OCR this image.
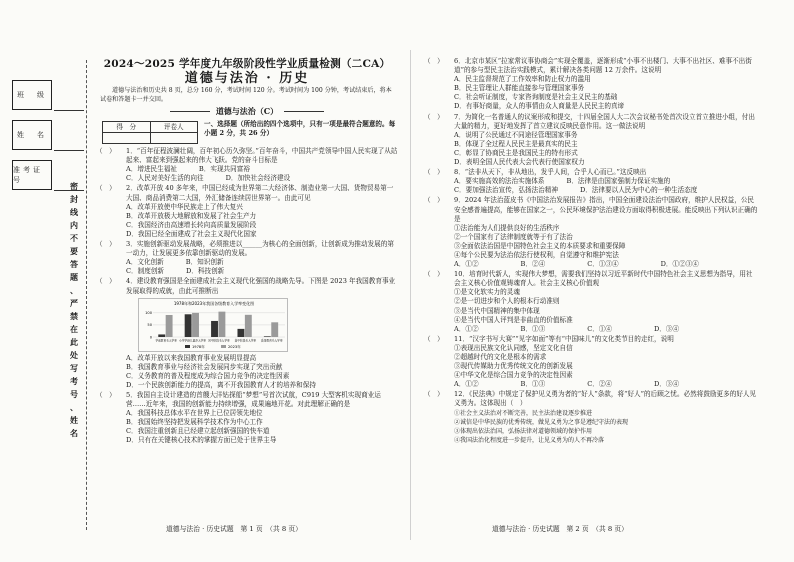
班　级
姓　名
准考证号
密
封
线
内
不
要
答
题
、
严
禁
在
此
处
写
考
号
、
姓
名
2024～2025 学年度九年级阶段性学业质量检测（二CA）
道德与法治 · 历史
道德与法治和历史共 8 页，总分 160 分，考试时间 120 分。考试时间为 100 分钟，考试结束后，将本试卷和答题卡一并交回。
道德与法治（C）
得　分	评卷人
		一、选择题（所给出的四个选项中，只有一项是最符合题意的。每小题 2 分，共 26 分）
（　）	1．“百年征程波澜壮阔，百年初心历久弥坚。”百年奋斗，中国共产党领导中国人民实现了从站起来、富起来到强起来的伟大飞跃。党的奋斗目标是
A．增进民生福祉	B．实现共同富裕
C．人民对美好生活的向往	D．加快社会经济建设
（　）	2．改革开放 40 多年来，中国已经成为世界第二大经济体、制造业第一大国、货物贸易第一大国、商品消费第二大国，外汇储备连续居世界第一。由此可见
A．改革开放使中华民族走上了伟大复兴
B．改革开放极大地解放和发展了社会生产力
C．我国经济由高速增长转向高质量发展阶段
D．我国已经全面建成了社会主义现代化国家
（　）	3．实施创新驱动发展战略，必须推进以______为核心的全面创新，让创新成为推动发展的第一动力，让发展更多依靠创新驱动的发展。
A．文化创新	B．知识创新
C．制度创新	D．科技创新
（　）	4．建设教育强国是全面建成社会主义现代化强国的战略先导。下图是 2023 年我国教育事业发展取得的成就，由此可推断出
1978年和2023年我国各级教育入学率变化图
0
50
100
学前教育毛入学率 小学学龄儿童净入学率 初中阶段毛入学率 高中阶段毛入学率 高等教育毛入学率
1978年	2023年
A．改革开放以来我国教育事业发展明显提高
B．我国教育事业与经济社会发展同步实现了突出贡献
C．义务教育的普及程度成为综合国力竞争的决定性因素
D．一个民族创新能力的提高，离不开我国教育人才的培养和保持
（　）	5．我国自主设计建造的首艘大洋钻探船“梦想”号首次试航，C919 大型客机实现商业运营……近年来，我国的创新能力持续增强，成果遍地开花。对此理解正确的是
A．我国科技总体水平在世界上已位居领先地位
B．我国始终坚持把发展科学技术作为中心工作
C．我国注重创新且已经建立起创新强国的快车道
D．只有在关键核心技术的掌握方面已处于世界主导
（　）	6．北京市某区“拉家常议事协商会”实现全覆盖，逐渐形成“小事不出楼门、大事不出社区、难事不出街道”的参与型民主法治实践模式，累计解决各类问题 12 万余件。这说明
A．民主监督规范了工作效率和防止权力的滥用
B．民主管理让人群能直接参与管理国家事务
C．社会听证制度，专家咨询制度是社会主义民主的基础
D．有事好商量，众人的事情由众人商量是人民民主的真谛
（　）	7．为简化一名普通人的议案形成和提交，十四届全国人大二次会议秘书处首次设立首立推进小组，付出大量的精力，更好地发挥了首立建议反映民意作用。这一做法说明
A．说明了公民通过不同途径管理国家事务
B．体现了全过程人民民主是最真实的民主
C．彰显了协商民主是我国民主的特有形式
D．表明全国人民代表大会代表行使国家权力
（　）	8．“法非从天下，非从地出，发乎人间，合乎人心而已。”这反映出
A．要实施高效的法治实施体系	B．法律是由国家强制力保证实施的
C．要加强法治宣传，弘扬法治精神	D．法律要以人民为中心的一种生活态度
（　）	9．2024 年法治蓝皮书《中国法治发展报告》指出，中国全面建设法治中国政府，维护人民权益，公民安全感普遍提高，能够在国家之一，公民环境保护法治建设方面取得积极进展。能反映出下列认识正确的是
①法治能为人们提供良好的生活秩序
②一个国家有了法律制度就等于有了法治
③全面依法治国是中国特色社会主义的本质要求和重要保障
④每个公民要为法治依法行使权利，自觉遵守和维护宪法
A．①②	B．②④	C．①③④	D．①②③④
（　）	10．培育时代新人，实现伟大梦想，需要我们坚持以习近平新时代中国特色社会主义思想为指导，用社会主义核心价值观铸魂育人。社会主义核心价值观
①是文化软实力的灵魂
②是一切进步和个人的根本行动准则
③是当代中国精神的集中体现
④是当代中国人评判是非曲直的价值标准
A．①②	B．①③	C．①④	D．③④
（　）	11．“汉字书写大赛”“见字如面”等有“中国味儿”的文化类节目的走红，说明
①表现出民族文化认同感，坚定文化自信
②超越时代的文化是根本的需求
③现代传媒助力优秀传统文化的创新发展
④中华文化是综合国力竞争的决定性因素
A．①②	B．①③	C．②④	D．③④
（　）	12．《民法典》中规定了保护见义勇为者的“好人”条款，将“好人”的后顾之忧。必然将鼓励更多的好人见义勇为。这体现出（　）
①社会主义法治对不断完善，民主法治建设逐步推进
②诚信是中华民族的优秀传统，做见义勇为之事是遵纪守法的表现
③体现出依法治国，弘扬法律对道德领域的保护作用
④我国法治化程度进一步提升，让见义勇为的人不再冷落
道德与法治 · 历史试题　第 1 页　（共 8 页）	道德与法治 · 历史试题　第 2 页　（共 8 页）
